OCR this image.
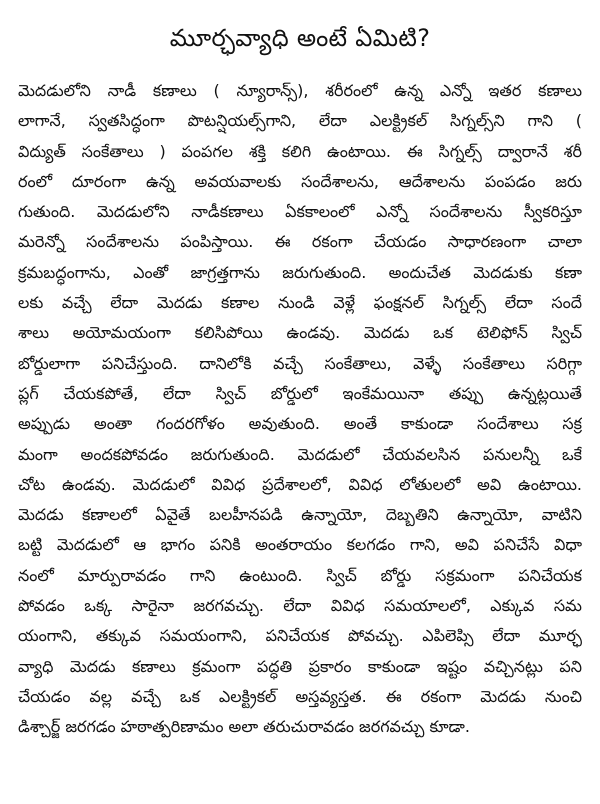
మూర్ఛవ్యాధి అంటే ఏమిటి?
మెదడులోని నాడీ కణాలు ( న్యూరాన్స్), శరీరంలో ఉన్న ఎన్నో ఇతర కణాలు
లాగానే, స్వతసిద్ధంగా పొటన్షియల్స్‌గాని, లేదా ఎలక్ట్రికల్ సిగ్నల్స్‌ని గాని (
విద్యుత్ సంకేతాలు ) పంపగల శక్తి కలిగి ఉంటాయి. ఈ సిగ్నల్స్ ద్వారానే శరీ
రంలో దూరంగా ఉన్న అవయవాలకు సందేశాలను, ఆదేశాలను పంపడం జరు
గుతుంది. మెదడులోని నాడీకణాలు ఏకకాలంలో ఎన్నో సందేశాలను స్వీకరిస్తూ
మరెన్నో సందేశాలను పంపిస్తాయి. ఈ రకంగా చేయడం సాధారణంగా చాలా
క్రమబద్ధంగాను, ఎంతో జాగ్రత్తగాను జరుగుతుంది. అందుచేత మెదడుకు కణా
లకు వచ్చే లేదా మెదడు కణాల నుండి వెళ్లే ఫంక్షనల్ సిగ్నల్స్ లేదా సందే
శాలు అయోమయంగా కలిసిపోయి ఉండవు. మెదడు ఒక టెలిఫోన్ స్విచ్
బోర్డులాగా పనిచేస్తుంది. దానిలోకి వచ్చే సంకేతాలు, వెళ్ళే సంకేతాలు సరిగ్గా
ప్లగ్ చేయకపోతే, లేదా స్విచ్ బోర్డులో ఇంకేమయినా తప్పు ఉన్నట్లయితే
అప్పుడు అంతా గందరగోళం అవుతుంది. అంతే కాకుండా సందేశాలు సక్ర
మంగా అందకపోవడం జరుగుతుంది. మెదడులో చేయవలసిన పనులన్నీ ఒకే
చోట ఉండవు. మెదడులో వివిధ ప్రదేశాలలో, వివిధ లోతులలో అవి ఉంటాయి.
మెదడు కణాలలో ఏవైతే బలహీనపడి ఉన్నాయో, దెబ్బతిని ఉన్నాయో, వాటిని
బట్టి మెదడులో ఆ భాగం పనికి అంతరాయం కలగడం గాని, అవి పనిచేసే విధా
నంలో మార్పురావడం గాని ఉంటుంది. స్విచ్ బోర్డు సక్రమంగా పనిచేయక
పోవడం ఒక్క సారైనా జరగవచ్చు. లేదా వివిధ సమయాలలో, ఎక్కువ సమ
యంగాని, తక్కువ సమయంగాని, పనిచేయక పోవచ్చు. ఎపిలెప్సి లేదా మూర్ఛ
వ్యాధి మెదడు కణాలు క్రమంగా పద్ధతి ప్రకారం కాకుండా ఇష్టం వచ్చినట్లు పని
చేయడం వల్ల వచ్చే ఒక ఎలక్ట్రికల్ అస్తవ్యస్తత. ఈ రకంగా మెదడు నుంచి
డిశ్చార్జ్ జరగడం హఠాత్పరిణామం అలా తరుచురావడం జరగవచ్చు కూడా.
